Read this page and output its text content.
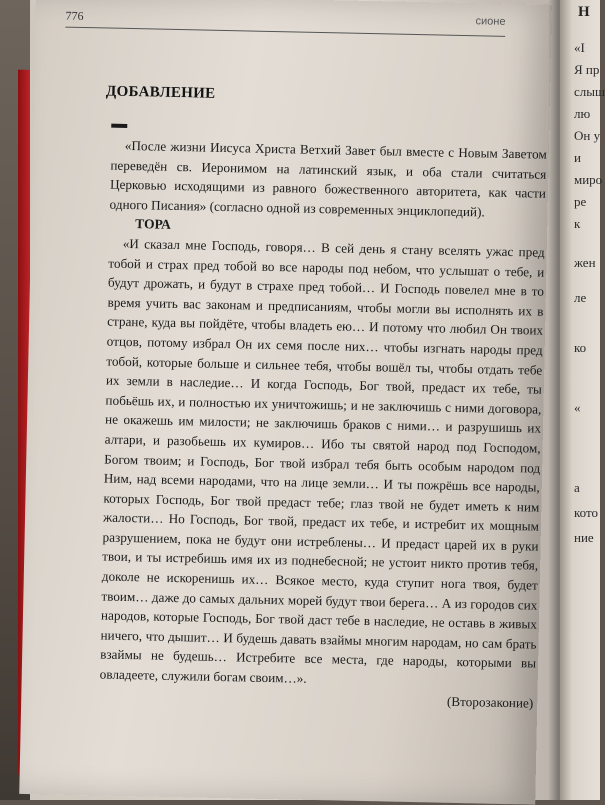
776	сионе
ДОБАВЛЕНИЕ

«После жизни Иисуса Христа Ветхий Завет был вместе с Новым Заветом переведён св. Иеронимом на латинский язык, и оба стали считаться Церковью исходящими из равного божественного авторитета, как части одного Писания» (согласно одной из современных энциклопедий).

ТОРА

«И сказал мне Господь, говоря… В сей день я стану вселять ужас пред тобой и страх пред тобой во все народы под небом, что услышат о тебе, и будут дрожать, и будут в страхе пред тобой… И Господь повелел мне в то время учить вас законам и предписаниям, чтобы могли вы исполнять их в стране, куда вы пойдёте, чтобы владеть ею… И потому что любил Он твоих отцов, потому избрал Он их семя после них… чтобы изгнать народы пред тобой, которые больше и сильнее тебя, чтобы вошёл ты, чтобы отдать тебе их земли в наследие… И когда Господь, Бог твой, предаст их тебе, ты побьёшь их, и полностью их уничтожишь; и не заключишь с ними договора, не окажешь им милости; не заключишь браков с ними… и разрушишь их алтари, и разобьешь их кумиров… Ибо ты святой народ под Господом, Богом твоим; и Господь, Бог твой избрал тебя быть особым народом под Ним, над всеми народами, что на лице земли… И ты пожрёшь все народы, которых Господь, Бог твой предаст тебе; глаз твой не будет иметь к ним жалости… Но Господь, Бог твой, предаст их тебе, и истребит их мощным разрушением, пока не будут они истреблены… И предаст царей их в руки твои, и ты истребишь имя их из поднебесной; не устоит никто против тебя, доколе не искоренишь их… Всякое место, куда ступит нога твоя, будет твоим… даже до самых дальних морей будут твои берега… А из городов сих народов, которые Господь, Бог твой даст тебе в наследие, не оставь в живых ничего, что дышит… И будешь давать взаймы многим народам, но сам брать взаймы не будешь… Истребите все места, где народы, которыми вы овладеете, служили богам своим…».

(Второзаконие)

Н
«І
Я пр
слыш
лю
Он у
и
миро
ре
к
жен
ле
ко
«
а
кото
ние
